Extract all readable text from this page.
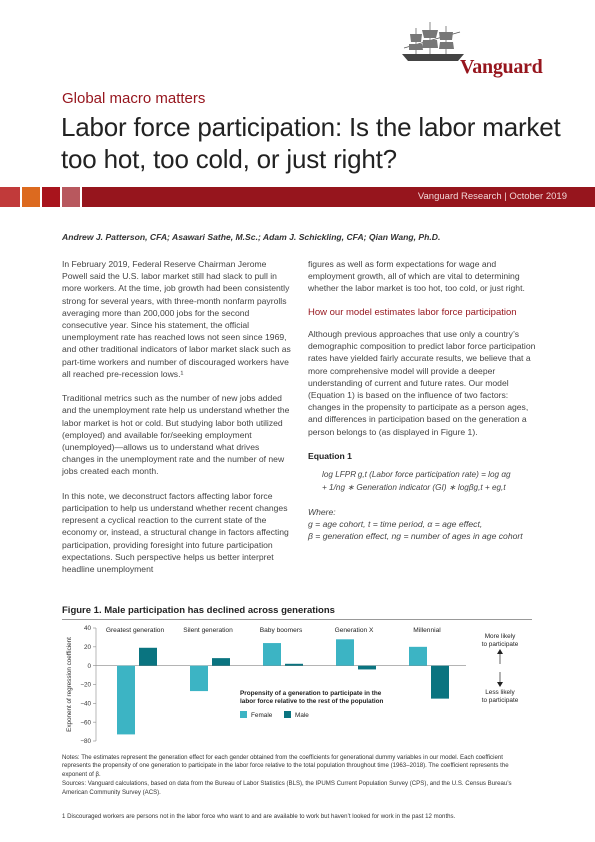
Vanguard
Global macro matters
Labor force participation: Is the labor market too hot, too cold, or just right?
Vanguard Research | October 2019
Andrew J. Patterson, CFA; Asawari Sathe, M.Sc.; Adam J. Schickling, CFA; Qian Wang, Ph.D.

In February 2019, Federal Reserve Chairman Jerome Powell said the U.S. labor market still had slack to pull in more workers. At the time, job growth had been consistently strong for several years, with three-month nonfarm payrolls averaging more than 200,000 jobs for the second consecutive year. Since his statement, the official unemployment rate has reached lows not seen since 1969, and other traditional indicators of labor market slack such as part-time workers and number of discouraged workers have all reached pre-recession lows.¹

Traditional metrics such as the number of new jobs added and the unemployment rate help us understand whether the labor market is hot or cold. But studying labor both utilized (employed) and available for/seeking employment (unemployed)—allows us to understand what drives changes in the unemployment rate and the number of new jobs created each month.

In this note, we deconstruct factors affecting labor force participation to help us understand whether recent changes represent a cyclical reaction to the current state of the economy or, instead, a structural change in factors affecting participation, providing foresight into future participation expectations. Such perspective helps us better interpret headline unemployment

figures as well as form expectations for wage and employment growth, all of which are vital to determining whether the labor market is too hot, too cold, or just right.

How our model estimates labor force participation

Although previous approaches that use only a country’s demographic composition to predict labor force participation rates have yielded fairly accurate results, we believe that a more comprehensive model will provide a deeper understanding of current and future rates. Our model (Equation 1) is based on the influence of two factors: changes in the propensity to participate as a person ages, and differences in participation based on the generation a person belongs to (as displayed in Figure 1).

Equation 1
log LFPR g,t (Labor force participation rate) = log αg
+ 1/ng ∗ Generation indicator (GI) ∗ logβg,t + eg,t
Where:
g = age cohort, t = time period, α = age effect,
β = generation effect, ng = number of ages in age cohort
Figure 1. Male participation has declined across generations
Exponent of regression coefficient
40
20
0
−20
−40
−60
−80
Greatest generation	Silent generation	Baby boomers	Generation X	Millennial
Propensity of a generation to participate in the labor force relative to the rest of the population
Female	Male
More likely to participate
Less likely to participate

Notes: The estimates represent the generation effect for each gender obtained from the coefficients for generational dummy variables in our model. Each coefficient represents the propensity of one generation to participate in the labor force relative to the total population throughout time (1963–2018). The coefficient represents the exponent of β.

Sources: Vanguard calculations, based on data from the Bureau of Labor Statistics (BLS), the IPUMS Current Population Survey (CPS), and the U.S. Census Bureau’s American Community Survey (ACS).

1 Discouraged workers are persons not in the labor force who want to and are available to work but haven’t looked for work in the past 12 months.
